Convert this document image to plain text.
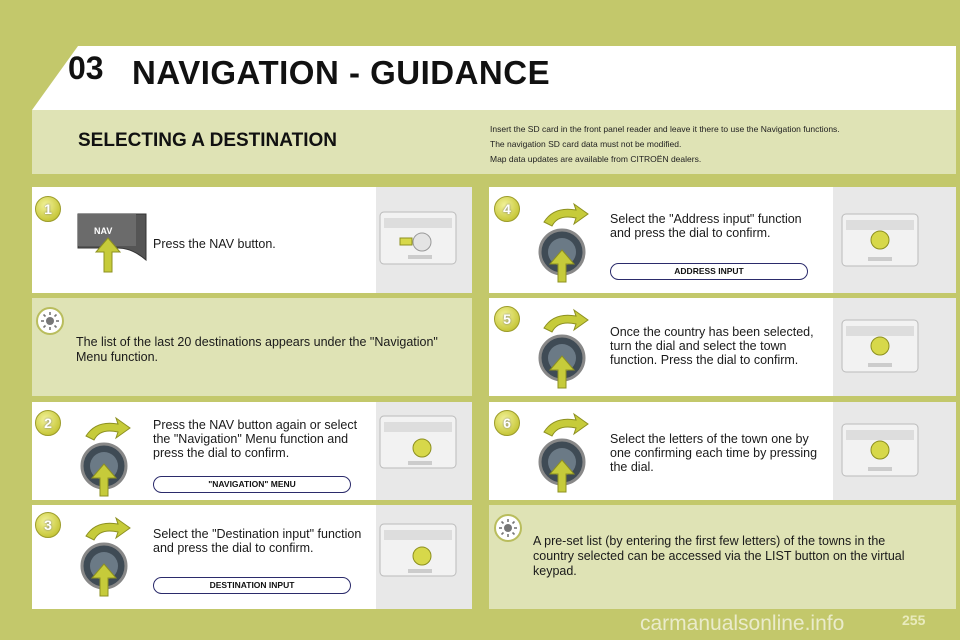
03 NAVIGATION - GUIDANCE
SELECTING A DESTINATION
Insert the SD card in the front panel reader and leave it there to use the Navigation functions.
The navigation SD card data must not be modified.
Map data updates are available from CITROËN dealers.
1
NAV
Press the NAV button.
The list of the last 20 destinations appears under the "Navigation" Menu function.
2	Press the NAV button again or select the "Navigation" Menu function and press the dial to confirm.
"NAVIGATION" MENU
3
Select the "Destination input" function and press the dial to confirm.
DESTINATION INPUT
4
Select the "Address input" function and press the dial to confirm.
ADDRESS INPUT
5
Once the country has been selected, turn the dial and select the town function. Press the dial to confirm.
6
Select the letters of the town one by one confirming each time by pressing the dial.
A pre-set list (by entering the first few letters) of the towns in the country selected can be accessed via the LIST button on the virtual keypad.
carmanualsonline.info	255
